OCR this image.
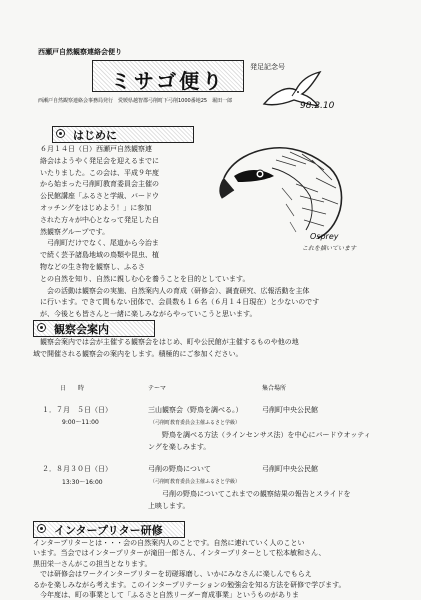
西瀬戸自然観察連絡会便り
ミサゴ便り
発足記念号
西瀬戸自然観察連絡会事務局発行　愛媛県越智郡弓削町下弓削1000番地25　堀田一郎	98.2.10
はじめに
６月１４日（日）西瀬戸自然観察連
絡会はようやく発足会を迎えるまでに
いたりました。この会は、平成９年度
から始まった弓削町教育委員会主催の
公民館講座「ふるさと学級、バードウ
オッチングをはじめよう！」に参加
された方々が中心となって発足した自
然観察グループです。
弓削町だけでなく、尾道から今治ま
で続く芸予諸島地域の鳥類や昆虫、植
物などの生き物を観察し、ふるさ
との自然を知り、自然に親しむ心を養うことを目的としています。
会の活動は観察会の実施、自然案内人の育成（研修会）、調査研究、広報活動を主体
に行います。できて間もない団体で、会員数も１６名（６月１４日現在）と少ないのです
が、今後とも皆さんと一緒に楽しみながらやっていこうと思います。
Osprey
これを描いています
観察会案内
観察会案内では会が主催する観察会をはじめ、町や公民館が主催するものや他の地
域で開催される観察会の案内をします。積極的にご参加ください。
日　　時	テーマ	集合場所
１．７月　５日（日）
9:00～11:00
三山観察会（野鳥を調べる。）	弓削町中央公民館
（弓削町教育委員会主催ふるさと学級）
野鳥を調べる方法（ラインセンサス法）を中心にバードウオッティ
ングを楽しみます。
２．８月３０日（日）
13:30～16:00
弓削の野鳥について	弓削町中央公民館
（弓削町教育委員会主催ふるさと学級）
弓削の野鳥についてこれまでの観察結果の報告とスライドを
上映します。
インタープリター研修
インタープリターとは・・・会の自然案内人のことです。自然に連れていく人のことい
います。当会ではインタープリターが滝田一郎さん、インタープリターとして松本敏和さん、
黒田栄一さんがこの担当となります。
では研修会はワークインタープリターを切磋琢磨し、いかにみなさんに楽しんでもらえ
るかを楽しみながら考えます。このインタープリテーションの勉強会を知る方法を研修で学びます。
今年度は、町の事業として「ふるさと自然リーダー育成事業」というものがありま
